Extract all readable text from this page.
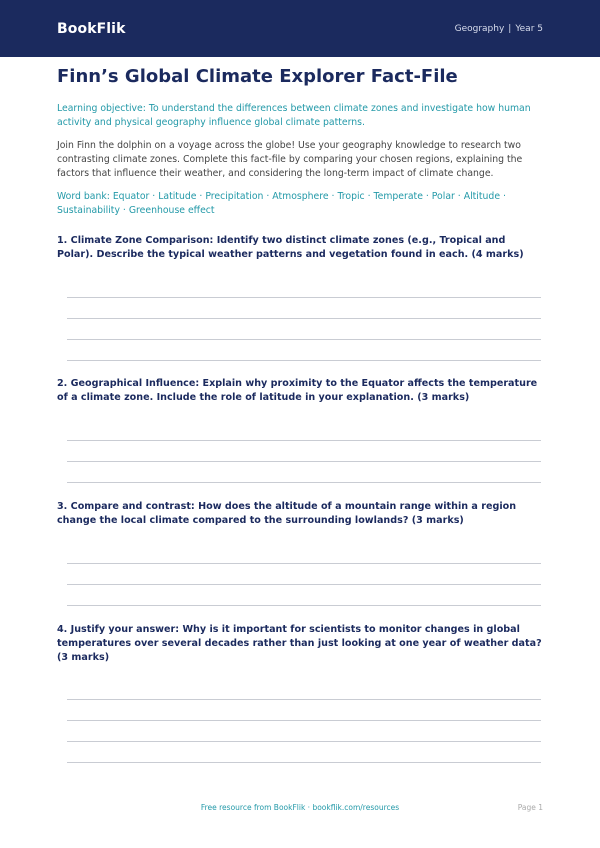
BookFlik	Geography | Year 5
Finn’s Global Climate Explorer Fact-File

Learning objective: To understand the differences between climate zones and investigate how human activity and physical geography influence global climate patterns.

Join Finn the dolphin on a voyage across the globe! Use your geography knowledge to research two contrasting climate zones. Complete this fact-file by comparing your chosen regions, explaining the factors that influence their weather, and considering the long-term impact of climate change.

Word bank: Equator · Latitude · Precipitation · Atmosphere · Tropic · Temperate · Polar · Altitude · Sustainability · Greenhouse effect

1. Climate Zone Comparison: Identify two distinct climate zones (e.g., Tropical and Polar). Describe the typical weather patterns and vegetation found in each. (4 marks)

2. Geographical Influence: Explain why proximity to the Equator affects the temperature of a climate zone. Include the role of latitude in your explanation. (3 marks)

3. Compare and contrast: How does the altitude of a mountain range within a region change the local climate compared to the surrounding lowlands? (3 marks)

4. Justify your answer: Why is it important for scientists to monitor changes in global temperatures over several decades rather than just looking at one year of weather data? (3 marks)

Free resource from BookFlik · bookflik.com/resources	Page 1
